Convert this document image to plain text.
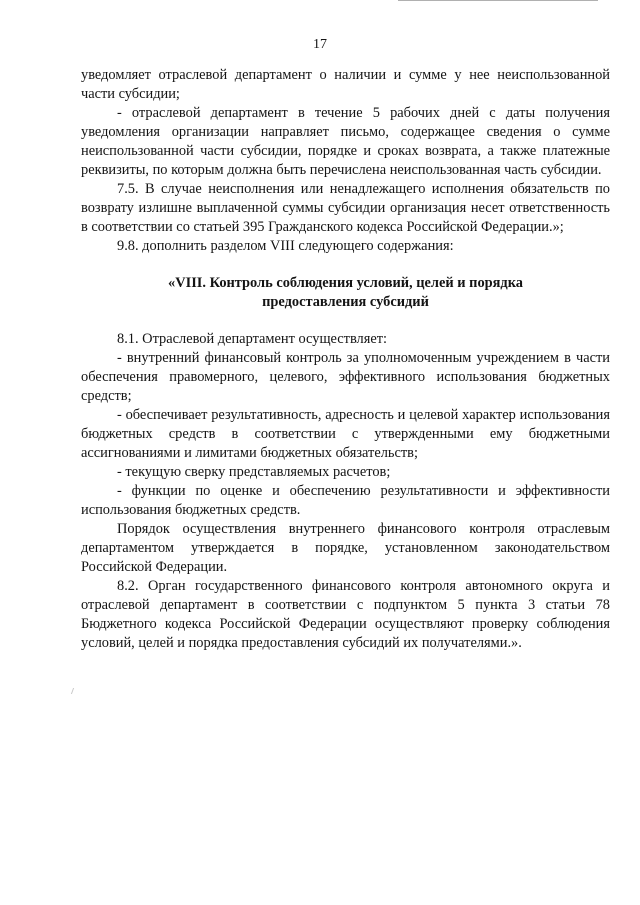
17

уведомляет отраслевой департамент о наличии и сумме у нее неиспользованной части субсидии;

- отраслевой департамент в течение 5 рабочих дней с даты получения уведомления организации направляет письмо, содержащее сведения о сумме неиспользованной части субсидии, порядке и сроках возврата, а также платежные реквизиты, по которым должна быть перечислена неиспользованная часть субсидии.

7.5. В случае неисполнения или ненадлежащего исполнения обязательств по возврату излишне выплаченной суммы субсидии организация несет ответственность в соответствии со статьей 395 Гражданского кодекса Российской Федерации.»;

9.8. дополнить разделом VIII следующего содержания:

«VIII. Контроль соблюдения условий, целей и порядка
предоставления субсидий

8.1. Отраслевой департамент осуществляет:

- внутренний финансовый контроль за уполномоченным учреждением в части обеспечения правомерного, целевого, эффективного использования бюджетных средств;

- обеспечивает результативность, адресность и целевой характер использования бюджетных средств в соответствии с утвержденными ему бюджетными ассигнованиями и лимитами бюджетных обязательств;

- текущую сверку представляемых расчетов;

- функции по оценке и обеспечению результативности и эффективности использования бюджетных средств.

Порядок осуществления внутреннего финансового контроля отраслевым департаментом утверждается в порядке, установленном законодательством Российской Федерации.

8.2. Орган государственного финансового контроля автономного округа и отраслевой департамент в соответствии с подпунктом 5 пункта 3 статьи 78 Бюджетного кодекса Российской Федерации осуществляют проверку соблюдения условий, целей и порядка предоставления субсидий их получателями.».
